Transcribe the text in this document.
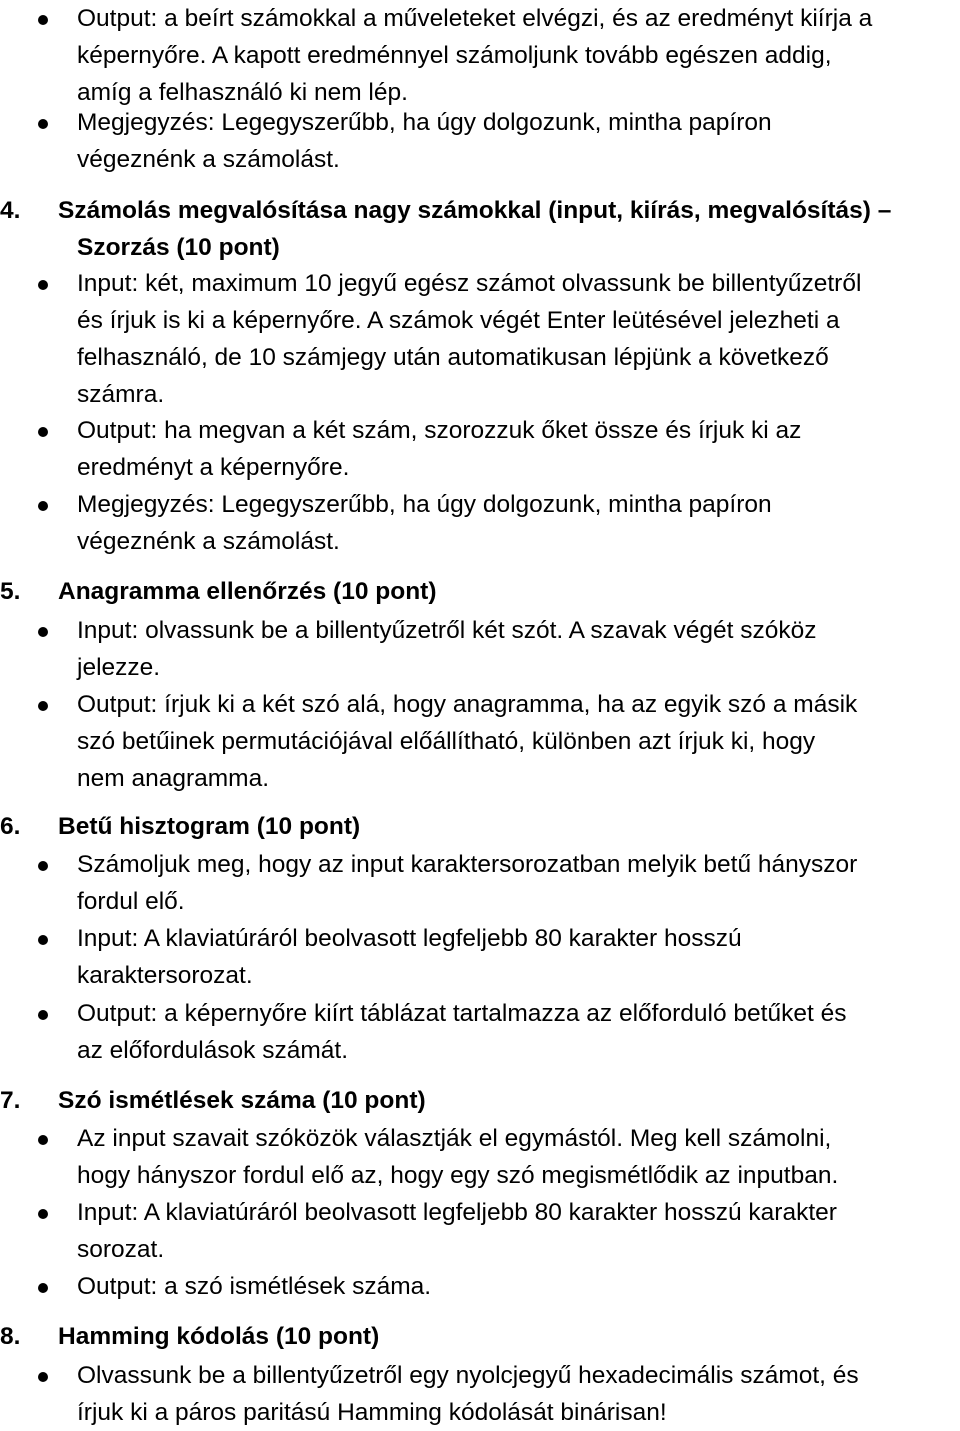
Output: a beírt számokkal a műveleteket elvégzi, és az eredményt kiírja a
képernyőre. A kapott eredménnyel számoljunk tovább egészen addig,
amíg a felhasználó ki nem lép.
Megjegyzés: Legegyszerűbb, ha úgy dolgozunk, mintha papíron
végeznénk a számolást.
4. Számolás megvalósítása nagy számokkal (input, kiírás, megvalósítás) –
Szorzás (10 pont)
Input: két, maximum 10 jegyű egész számot olvassunk be billentyűzetről
és írjuk is ki a képernyőre. A számok végét Enter leütésével jelezheti a
felhasználó, de 10 számjegy után automatikusan lépjünk a következő
számra.
Output: ha megvan a két szám, szorozzuk őket össze és írjuk ki az
eredményt a képernyőre.
Megjegyzés: Legegyszerűbb, ha úgy dolgozunk, mintha papíron
végeznénk a számolást.
5. Anagramma ellenőrzés (10 pont)
Input: olvassunk be a billentyűzetről két szót. A szavak végét szóköz
jelezze.
Output: írjuk ki a két szó alá, hogy anagramma, ha az egyik szó a másik
szó betűinek permutációjával előállítható, különben azt írjuk ki, hogy
nem anagramma.
6. Betű hisztogram (10 pont)
Számoljuk meg, hogy az input karaktersorozatban melyik betű hányszor
fordul elő.
Input: A klaviatúráról beolvasott legfeljebb 80 karakter hosszú
karaktersorozat.
Output: a képernyőre kiírt táblázat tartalmazza az előforduló betűket és
az előfordulások számát.
7. Szó ismétlések száma (10 pont)
Az input szavait szóközök választják el egymástól. Meg kell számolni,
hogy hányszor fordul elő az, hogy egy szó megismétlődik az inputban.
Input: A klaviatúráról beolvasott legfeljebb 80 karakter hosszú karakter
sorozat.
Output: a szó ismétlések száma.
8. Hamming kódolás (10 pont)
Olvassunk be a billentyűzetről egy nyolcjegyű hexadecimális számot, és
írjuk ki a páros paritású Hamming kódolását binárisan!
